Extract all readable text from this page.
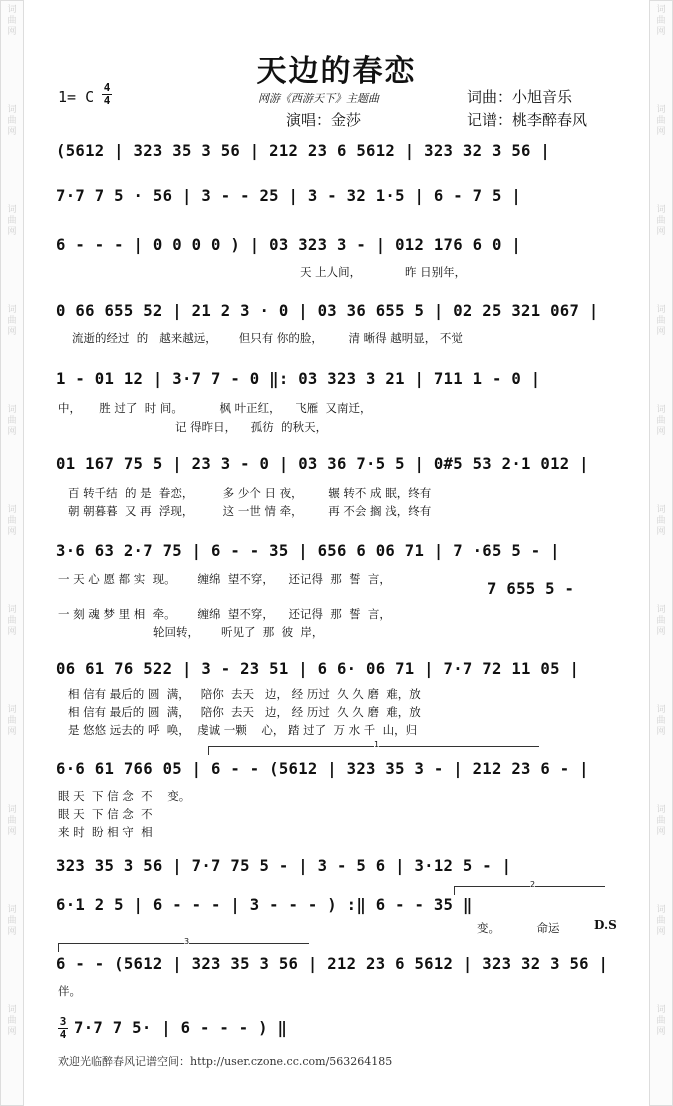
词
曲
网
词
曲
网
词
曲
网
词
曲
网
词
曲
网
词
曲
网
词
曲
网
词
曲
网
词
曲
网
词
曲
网
词
曲
网
词
曲
网
词
曲
网
词
曲
网
词
曲
网
词
曲
网
词
曲
网
词
曲
网
词
曲
网
词
曲
网
词
曲
网
词
曲
网
天边的春恋
网游《西游天下》主题曲	词曲：小旭音乐
演唱：金莎	记谱：桃李醉春风
1= C
4
4
(5612 | 323 35 3 56 | 212 23 6 5612 | 323 32 3 56 |
7·7 7 5 · 56 | 3 - - 25 | 3 - 32 1·5 | 6 - 7 5 |
6 - - - | 0 0 0 0 ) | 03 323 3 - | 012 176 6 0 |
0 66 655 52 | 21 2 3 · 0 | 03 36 655 5 | 02 25 321 067 |
1 - 01 12 | 3·7 7 - 0 ‖: 03 323 3 21 | 711 1 - 0 |
01 167 75 5 | 23 3 - 0 | 03 36 7·5 5 | 0#5 53 2·1 012 |
3·6 63 2·7 75 | 6 - - 35 | 656 6 06 71 | 7 ·65 5 - |
7 655 5 -
06 61 76 522 | 3 - 23 51 | 6 6· 06 71 | 7·7 72 11 05 |
6·6 61 766 05 | 6 - - (5612 | 323 35 3 - | 212 23 6 - |
323 35 3 56 | 7·7 75 5 - | 3 - 5 6 | 3·12 5 - |
6·1 2 5 | 6 - - - | 3 - - - ) :‖ 6 - - 35 ‖
6 - - (5612 | 323 35 3 56 | 212 23 6 5612 | 323 32 3 56 |
3
4 7·7 7 5· | 6 - - - ) ‖
天 上人间，            昨 日别年，
流逝的经过  的   越来越远，      但只有 你的脸，       清 晰得 越明显， 不觉
中，     胜 过了  时 间。          枫 叶正红，    飞雁  又南迁，
记 得昨日，    孤彷  的秋天，
百 转千结  的 是  眷恋，        多 少个 日 夜，       辗 转不 成 眠，终有
朝 朝暮暮  又 再  浮现，        这 一世 情 牵，       再 不会 搁 浅，终有
一 天 心 愿 都 实  现。      缠绵  望不穿，    还记得  那  誓  言，
一 刻 魂 梦 里 相  牵。      缠绵  望不穿，    还记得  那  誓  言，
轮回转，      听见了  那  彼  岸，
相 信有 最后的 圆  满，   陪你  去天   边， 经 历过  久 久 磨  难，放
相 信有 最后的 圆  满，   陪你  去天   边， 经 历过  久 久 磨  难，放
是 悠悠 远去的 呼  唤，  虔诚 一颗    心， 踏 过了  万 水 千  山，归
眼 天  下 信 念  不    变。
眼 天  下 信 念  不
来 时  盼 相 守  相
变。          命运	D.S
伴。
1
2
3
欢迎光临醉春风记谱空间：http://user.czone.cc.com/563264185
